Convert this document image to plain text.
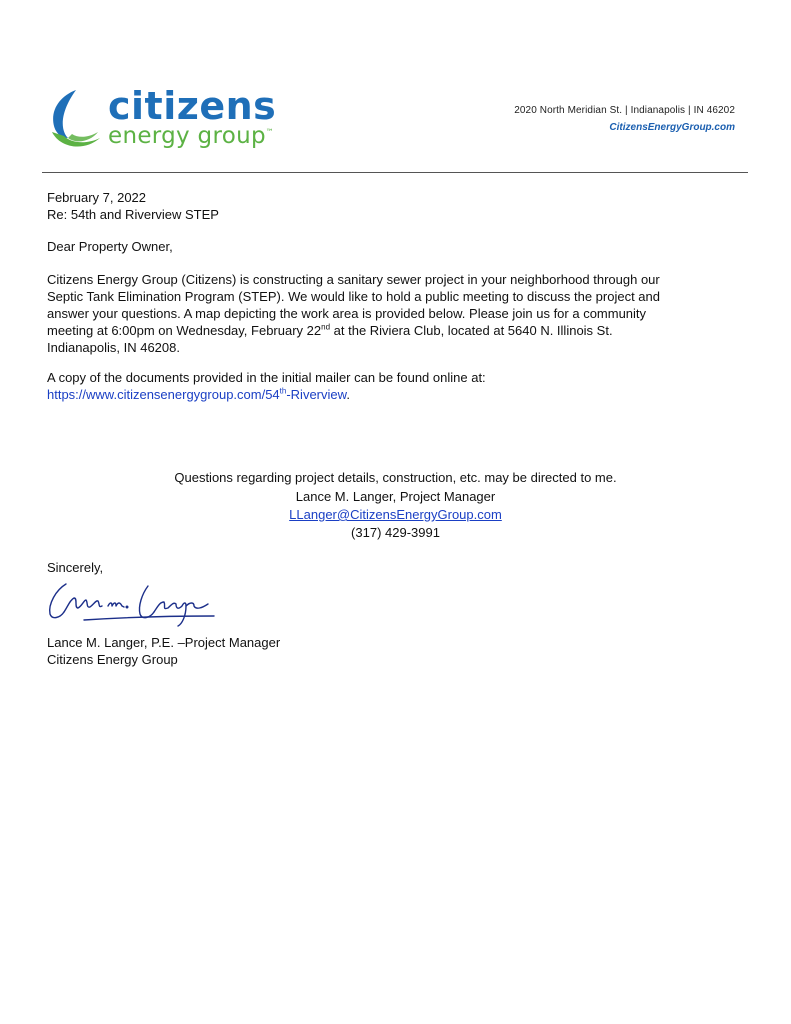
citizens
energy group™
2020 North Meridian St. | Indianapolis | IN 46202
CitizensEnergyGroup.com
February 7, 2022
Re: 54th and Riverview STEP
Dear Property Owner,
Citizens Energy Group (Citizens) is constructing a sanitary sewer project in your neighborhood through our
Septic Tank Elimination Program (STEP). We would like to hold a public meeting to discuss the project and
answer your questions. A map depicting the work area is provided below. Please join us for a community
meeting at 6:00pm on Wednesday, February 22nd at the Riviera Club, located at 5640 N. Illinois St.
Indianapolis, IN 46208.
A copy of the documents provided in the initial mailer can be found online at:
https://www.citizensenergygroup.com/54th-Riverview.
Questions regarding project details, construction, etc. may be directed to me.
Lance M. Langer, Project Manager
LLanger@CitizensEnergyGroup.com
(317) 429-3991
Sincerely,
Lance M. Langer, P.E. –Project Manager
Citizens Energy Group
